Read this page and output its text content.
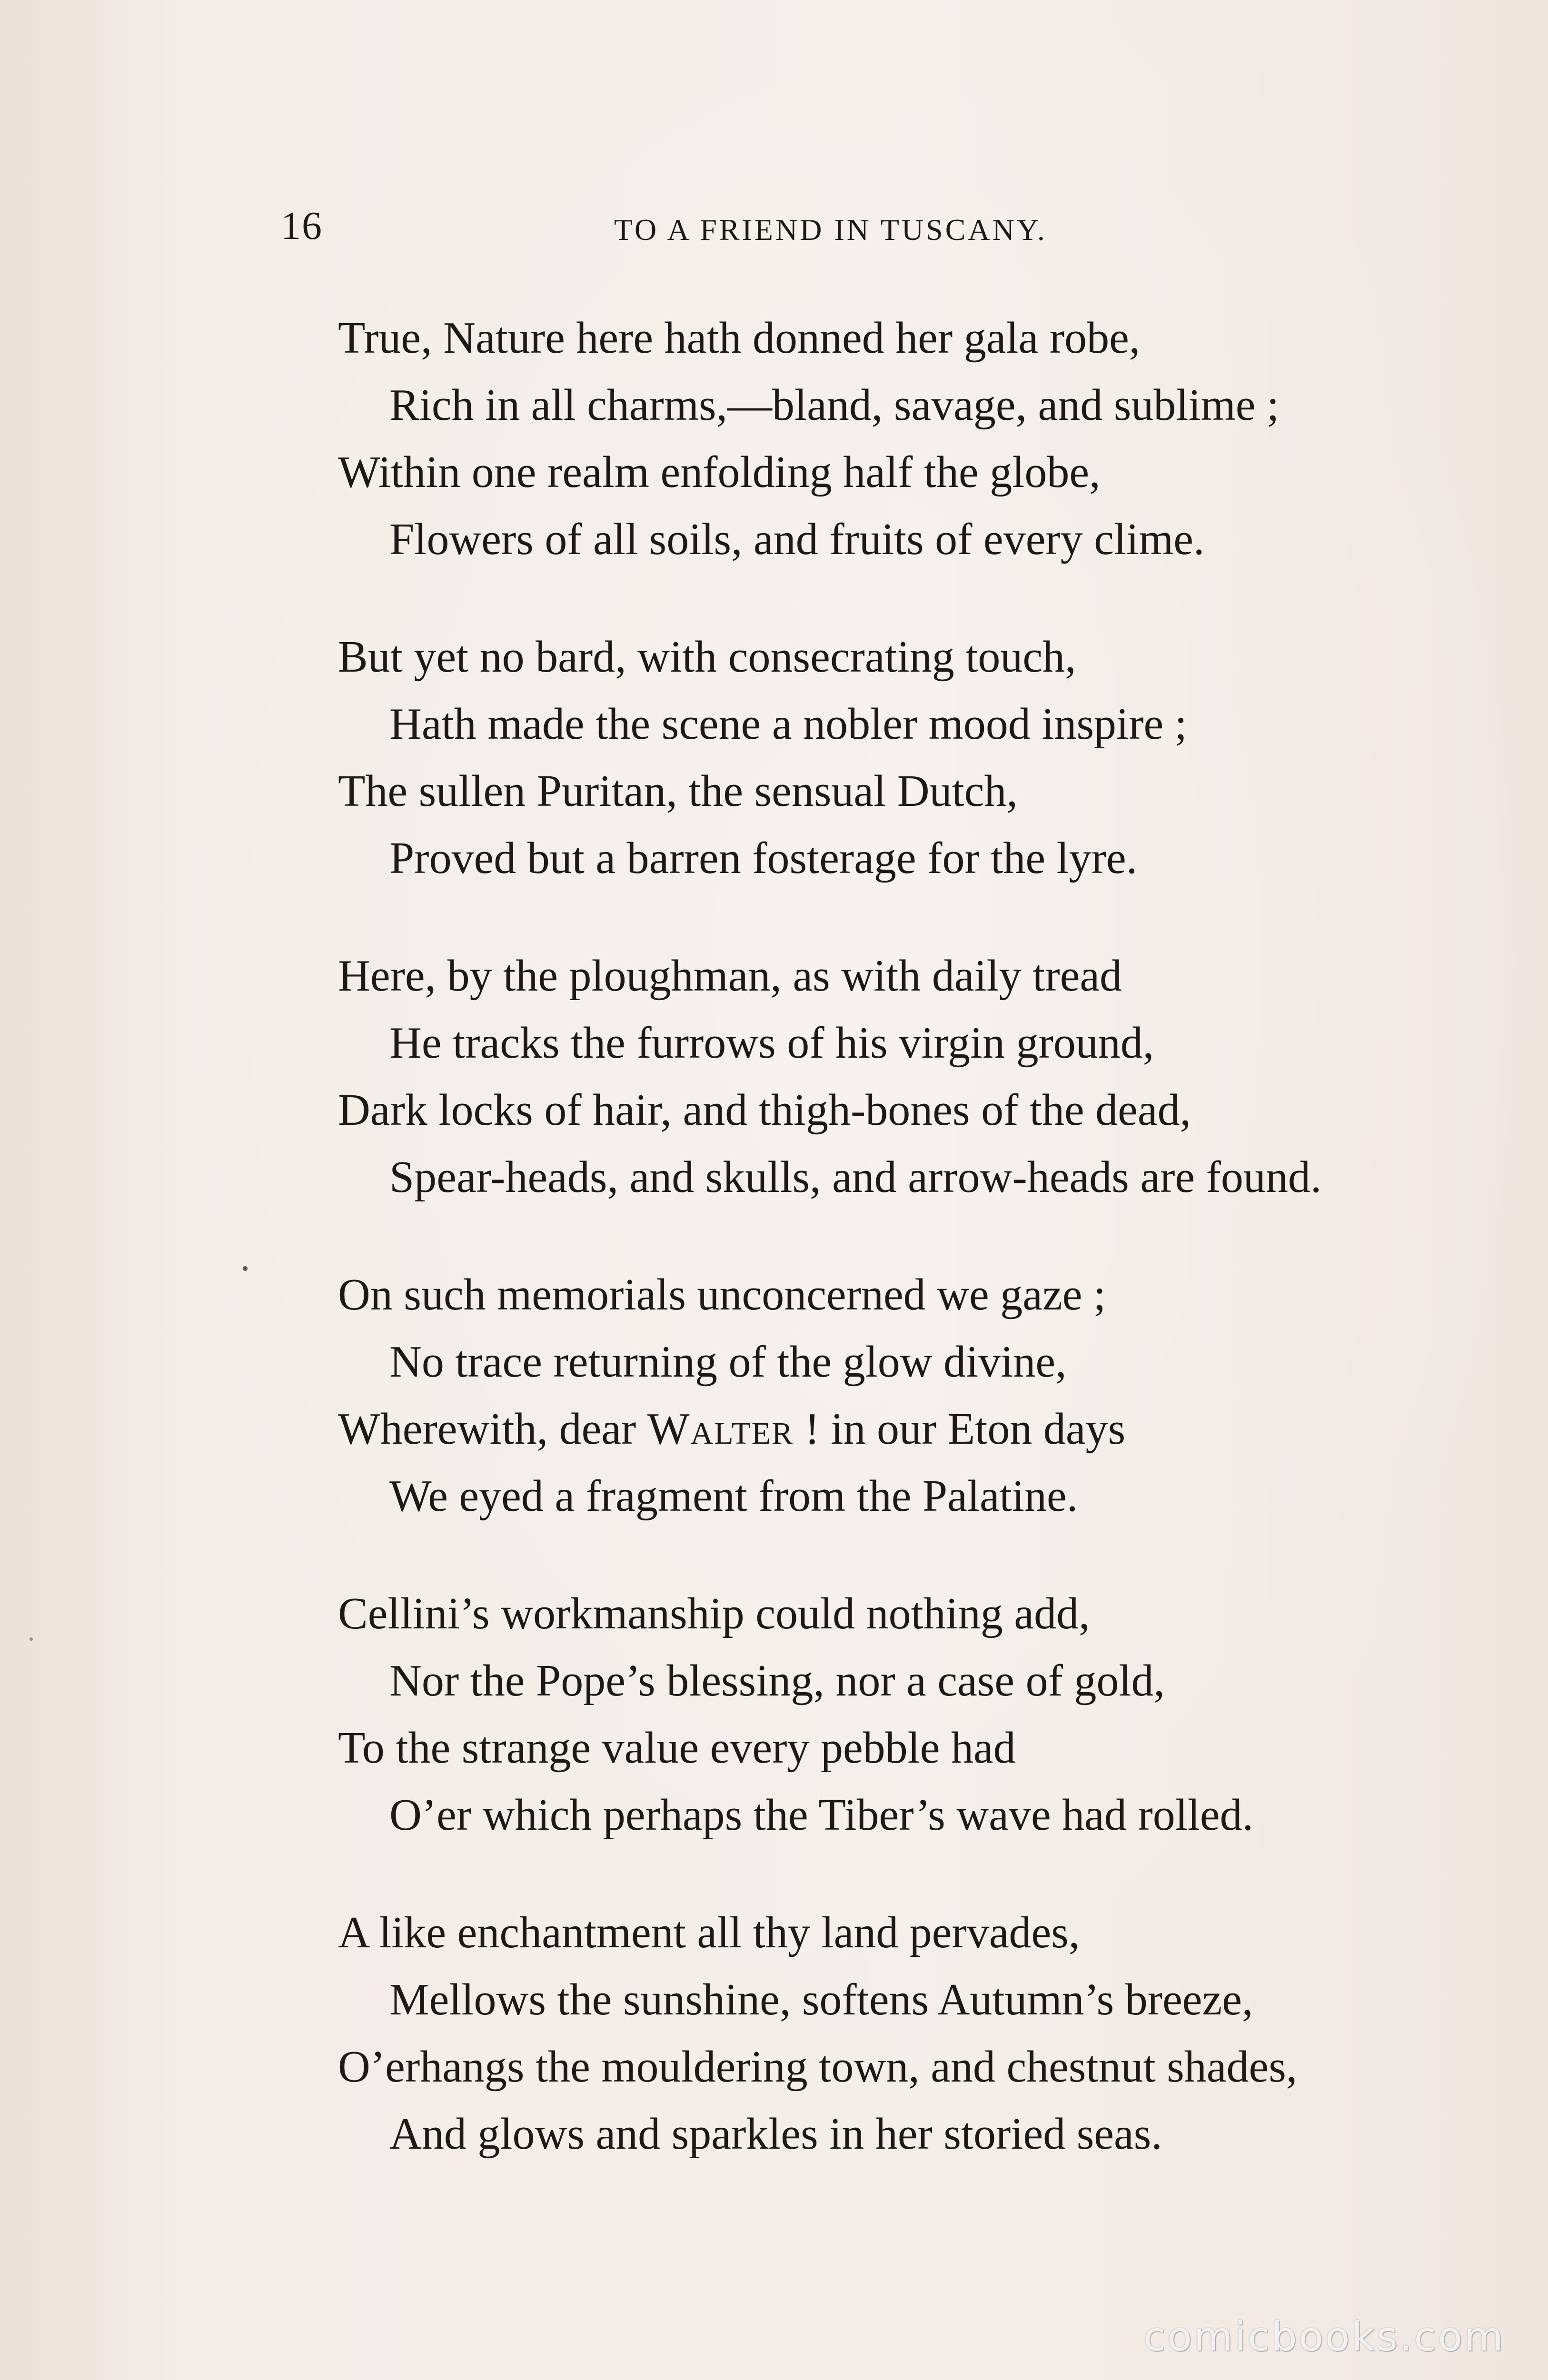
16	TO A FRIEND IN TUSCANY.
True, Nature here hath donned her gala robe,
Rich in all charms,—bland, savage, and sublime ;
Within one realm enfolding half the globe,
Flowers of all soils, and fruits of every clime.
But yet no bard, with consecrating touch,
Hath made the scene a nobler mood inspire ;
The sullen Puritan, the sensual Dutch,
Proved but a barren fosterage for the lyre.
Here, by the ploughman, as with daily tread
He tracks the furrows of his virgin ground,
Dark locks of hair, and thigh-bones of the dead,
Spear-heads, and skulls, and arrow-heads are found.
On such memorials unconcerned we gaze ;
No trace returning of the glow divine,
Wherewith, dear Walter ! in our Eton days
We eyed a fragment from the Palatine.
Cellini’s workmanship could nothing add,
Nor the Pope’s blessing, nor a case of gold,
To the strange value every pebble had
O’er which perhaps the Tiber’s wave had rolled.
A like enchantment all thy land pervades,
Mellows the sunshine, softens Autumn’s breeze,
O’erhangs the mouldering town, and chestnut shades,
And glows and sparkles in her storied seas.
comicbooks.com
